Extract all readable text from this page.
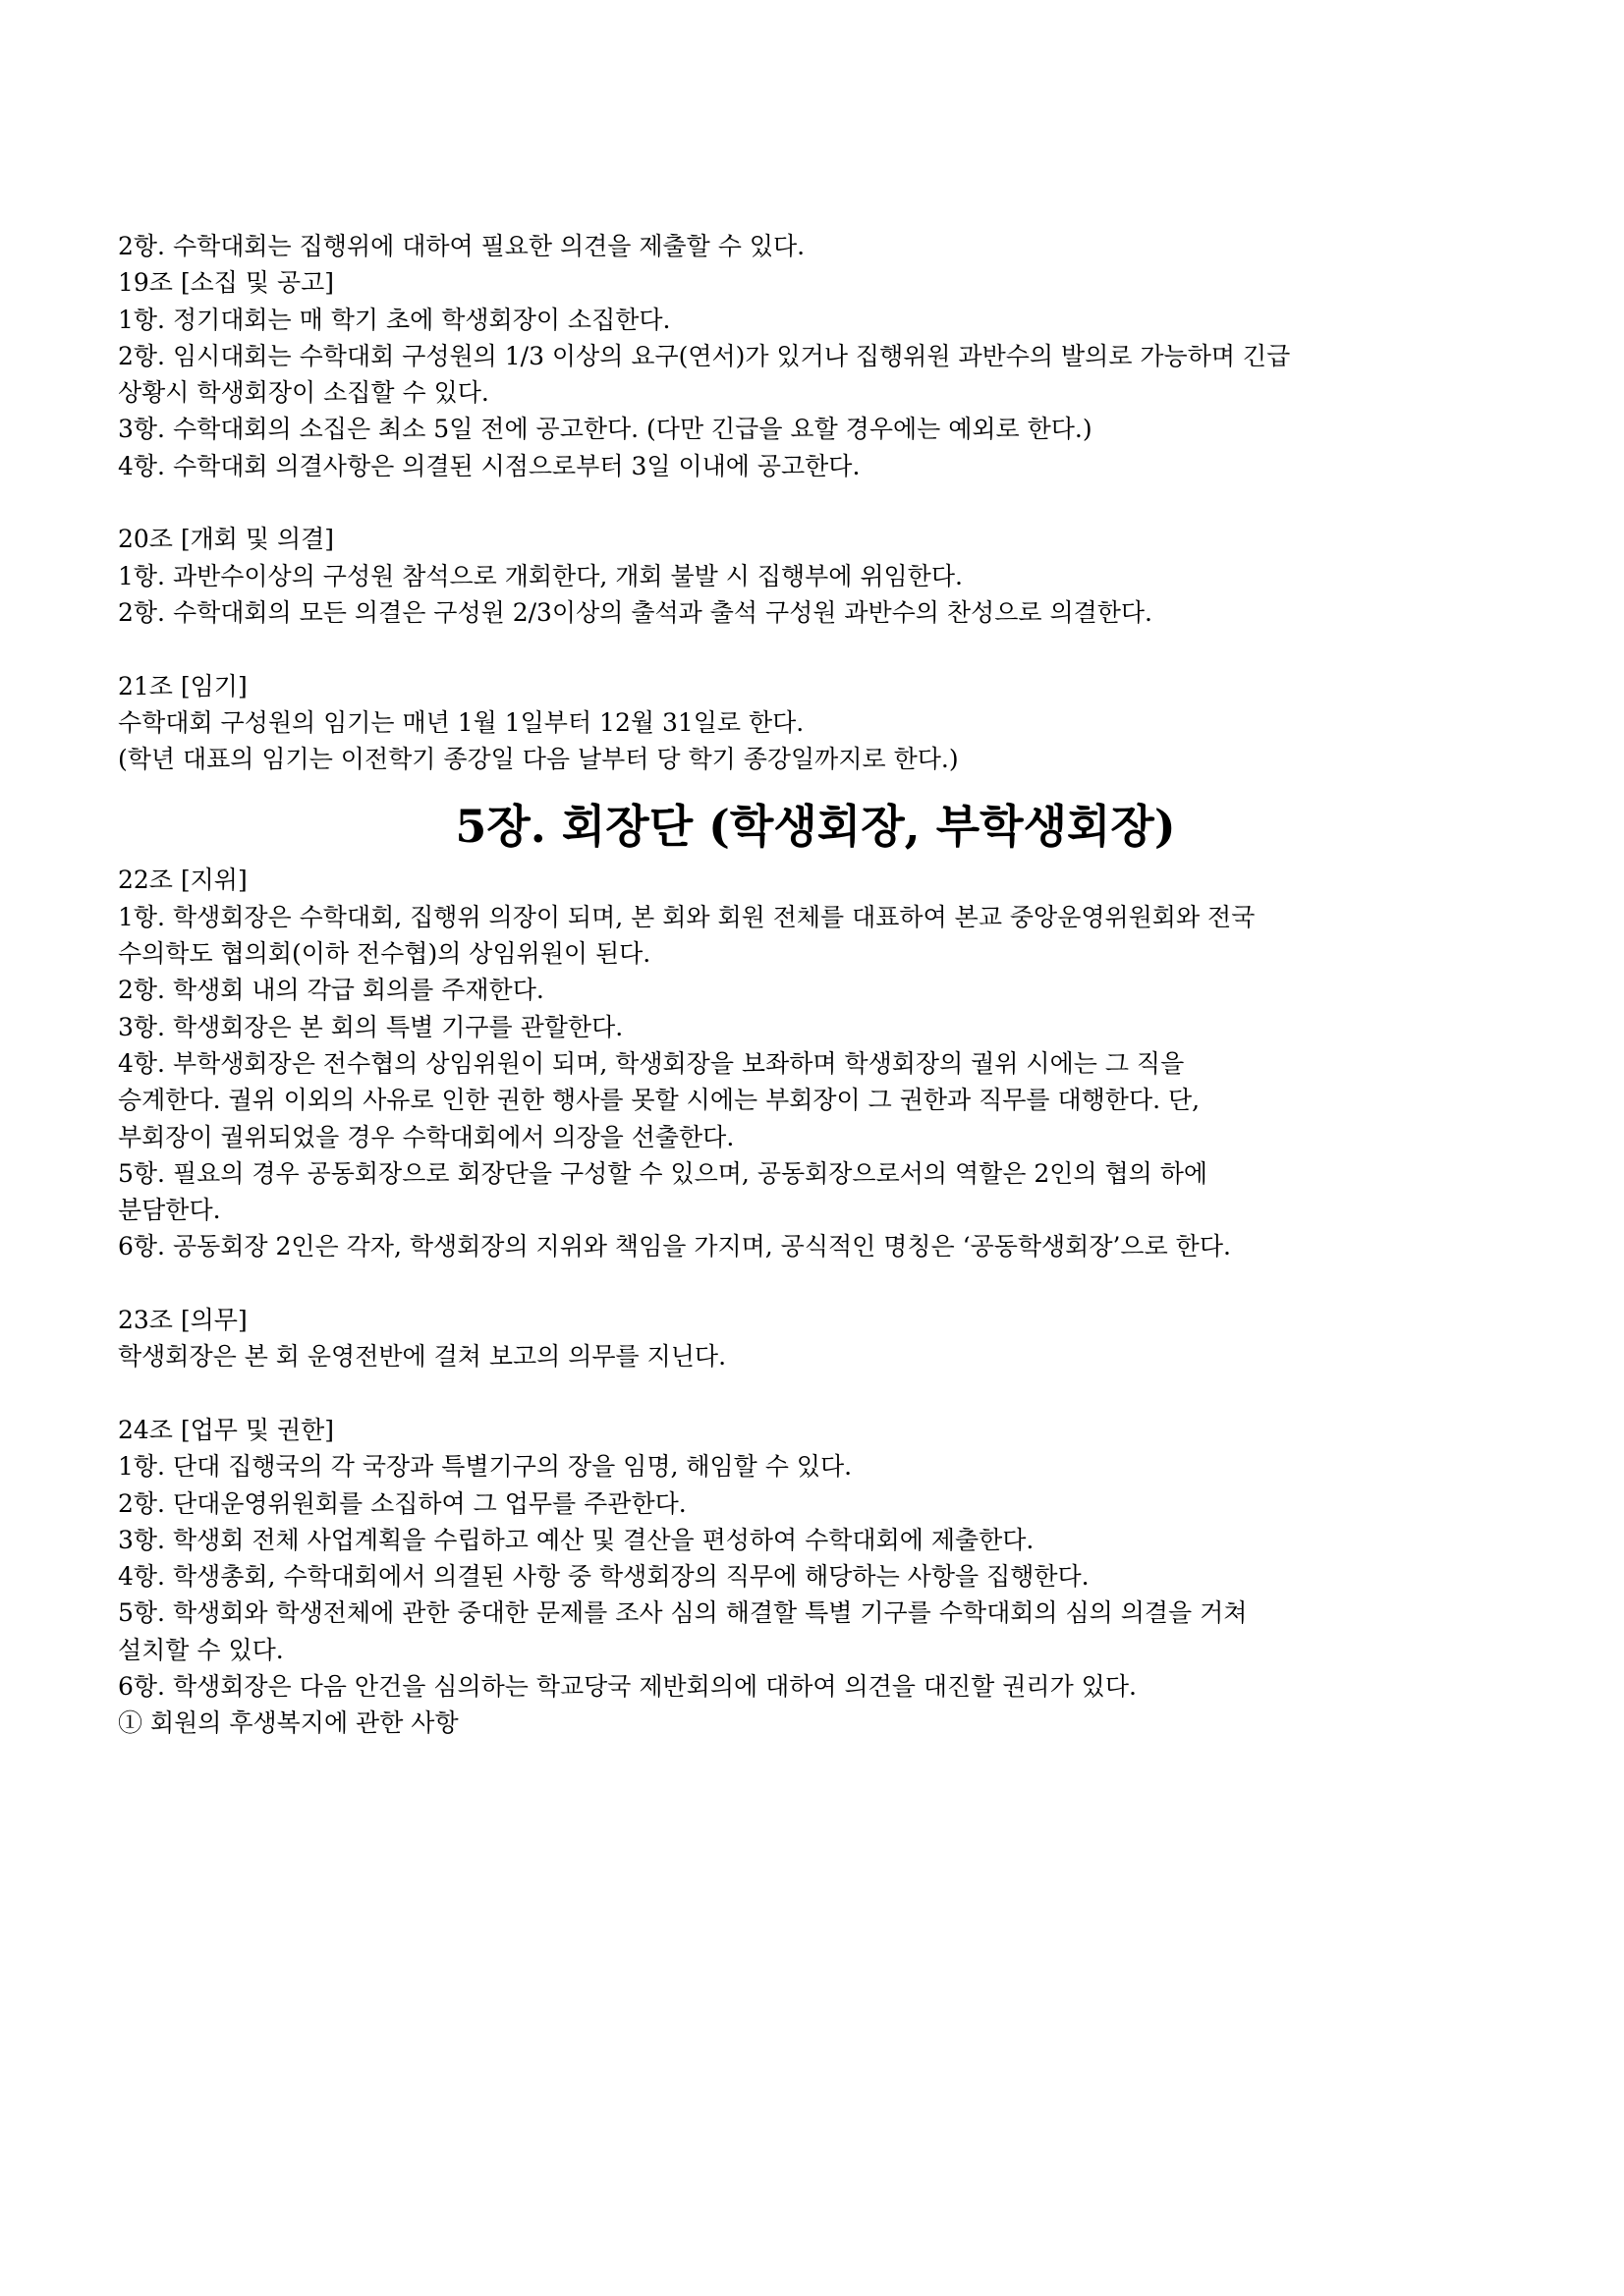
2항. 수학대회는 집행위에 대하여 필요한 의견을 제출할 수 있다.
19조 [소집 및 공고]
1항. 정기대회는 매 학기 초에 학생회장이 소집한다.
2항. 임시대회는 수학대회 구성원의 1/3 이상의 요구(연서)가 있거나 집행위원 과반수의 발의로 가능하며 긴급
상황시 학생회장이 소집할 수 있다.
3항. 수학대회의 소집은 최소 5일 전에 공고한다. (다만 긴급을 요할 경우에는 예외로 한다.)
4항. 수학대회 의결사항은 의결된 시점으로부터 3일 이내에 공고한다.
20조 [개회 및 의결]
1항. 과반수이상의 구성원 참석으로 개회한다, 개회 불발 시 집행부에 위임한다.
2항. 수학대회의 모든 의결은 구성원 2/3이상의 출석과 출석 구성원 과반수의 찬성으로 의결한다.
21조 [임기]
수학대회 구성원의 임기는 매년 1월 1일부터 12월 31일로 한다.
(학년 대표의 임기는 이전학기 종강일 다음 날부터 당 학기 종강일까지로 한다.)
5장. 회장단 (학생회장, 부학생회장)
22조 [지위]
1항. 학생회장은 수학대회, 집행위 의장이 되며, 본 회와 회원 전체를 대표하여 본교 중앙운영위원회와 전국
수의학도 협의회(이하 전수협)의 상임위원이 된다.
2항. 학생회 내의 각급 회의를 주재한다.
3항. 학생회장은 본 회의 특별 기구를 관할한다.
4항. 부학생회장은 전수협의 상임위원이 되며, 학생회장을 보좌하며 학생회장의 궐위 시에는 그 직을
승계한다. 궐위 이외의 사유로 인한 권한 행사를 못할 시에는 부회장이 그 권한과 직무를 대행한다. 단,
부회장이 궐위되었을 경우 수학대회에서 의장을 선출한다.
5항. 필요의 경우 공동회장으로 회장단을 구성할 수 있으며, 공동회장으로서의 역할은 2인의 협의 하에
분담한다.
6항. 공동회장 2인은 각자, 학생회장의 지위와 책임을 가지며, 공식적인 명칭은 ‘공동학생회장’으로 한다.
23조 [의무]
학생회장은 본 회 운영전반에 걸쳐 보고의 의무를 지닌다.
24조 [업무 및 권한]
1항. 단대 집행국의 각 국장과 특별기구의 장을 임명, 해임할 수 있다.
2항. 단대운영위원회를 소집하여 그 업무를 주관한다.
3항. 학생회 전체 사업계획을 수립하고 예산 및 결산을 편성하여 수학대회에 제출한다.
4항. 학생총회, 수학대회에서 의결된 사항 중 학생회장의 직무에 해당하는 사항을 집행한다.
5항. 학생회와 학생전체에 관한 중대한 문제를 조사 심의 해결할 특별 기구를 수학대회의 심의 의결을 거쳐
설치할 수 있다.
6항. 학생회장은 다음 안건을 심의하는 학교당국 제반회의에 대하여 의견을 대진할 권리가 있다.
① 회원의 후생복지에 관한 사항
